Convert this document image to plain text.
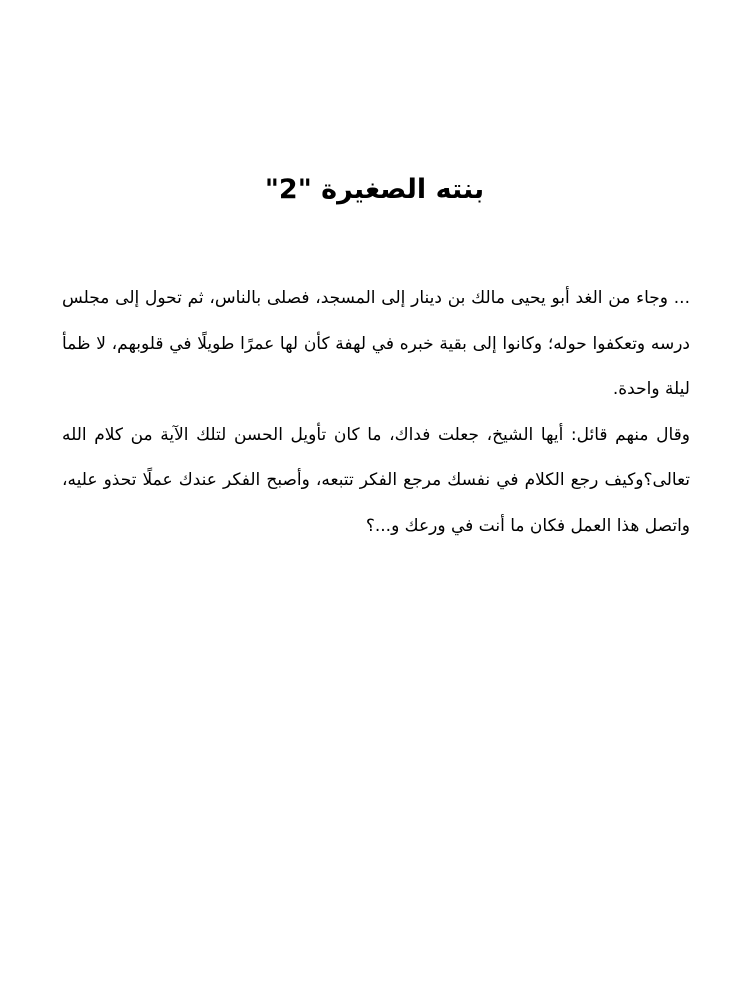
بنته الصغيرة "2"

... وجاء من الغد أبو يحيى مالك بن دينار إلى المسجد، فصلى بالناس، ثم تحول إلى مجلس درسه وتعكفوا حوله؛ وكانوا إلى بقية خبره في لهفة كأن لها عمرًا طويلًا في قلوبهم، لا ظمأ ليلة واحدة.

وقال منهم قائل: أيها الشيخ، جعلت فداك، ما كان تأويل الحسن لتلك الآية من كلام الله تعالى؟وكيف رجع الكلام في نفسك مرجع الفكر تتبعه، وأصبح الفكر عندك عملًا تحذو عليه، واتصل هذا العمل فكان ما أنت في ورعك و...؟
